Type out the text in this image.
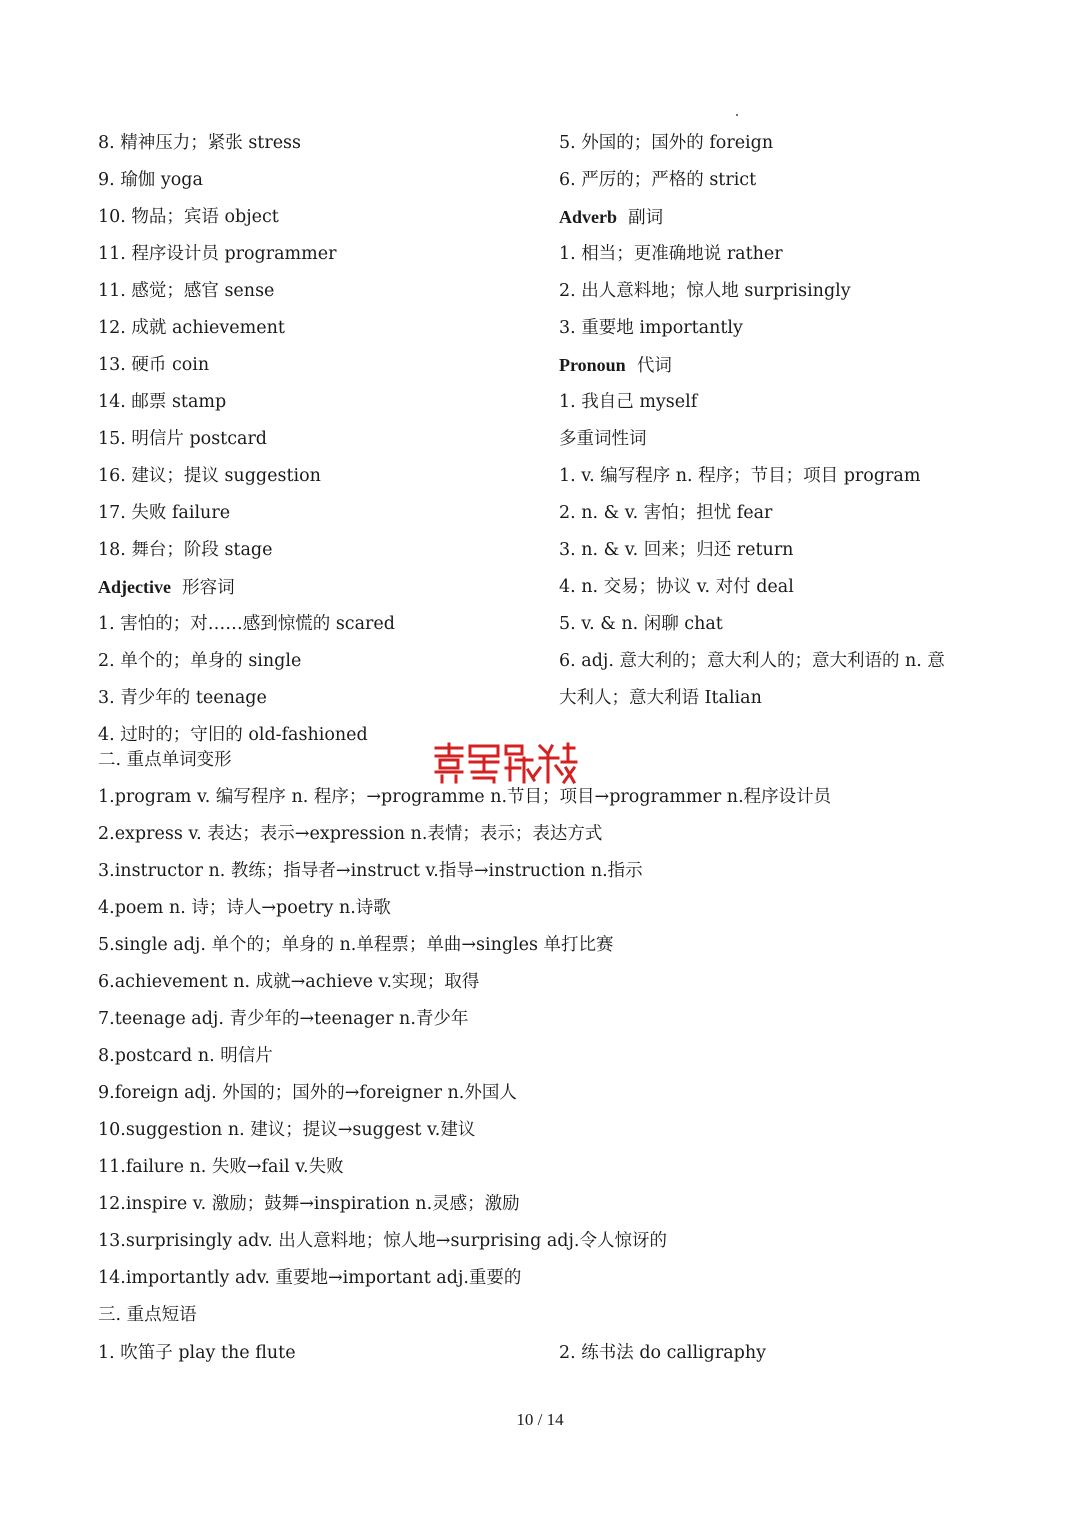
8. 精神压力；紧张 stress
9. 瑜伽 yoga
10. 物品；宾语 object
11. 程序设计员 programmer
11. 感觉；感官 sense
12. 成就 achievement
13. 硬币 coin
14. 邮票 stamp
15. 明信片 postcard
16. 建议；提议 suggestion
17. 失败 failure
18. 舞台；阶段 stage
Adjective 形容词
1. 害怕的；对……感到惊慌的 scared
2. 单个的；单身的 single
3. 青少年的 teenage
4. 过时的；守旧的 old-fashioned
5. 外国的；国外的 foreign
6. 严厉的；严格的 strict
Adverb 副词
1. 相当；更准确地说 rather
2. 出人意料地；惊人地 surprisingly
3. 重要地 importantly
Pronoun 代词
1. 我自己 myself
多重词性词
1. v. 编写程序 n. 程序；节目；项目 program
2. n. & v. 害怕；担忧 fear
3. n. & v. 回来；归还 return
4. n. 交易；协议 v. 对付 deal
5. v. & n. 闲聊 chat
6. adj. 意大利的；意大利人的；意大利语的 n. 意
大利人；意大利语 Italian
二. 重点单词变形
1.program v. 编写程序 n. 程序；→programme n.节目；项目→programmer n.程序设计员
2.express v. 表达；表示→expression n.表情；表示；表达方式
3.instructor n. 教练；指导者→instruct v.指导→instruction n.指示
4.poem n. 诗；诗人→poetry n.诗歌
5.single adj. 单个的；单身的 n.单程票；单曲→singles 单打比赛
6.achievement n. 成就→achieve v.实现；取得
7.teenage adj. 青少年的→teenager n.青少年
8.postcard n. 明信片
9.foreign adj. 外国的；国外的→foreigner n.外国人
10.suggestion n. 建议；提议→suggest v.建议
11.failure n. 失败→fail v.失败
12.inspire v. 激励；鼓舞→inspiration n.灵感；激励
13.surprisingly adv. 出人意料地；惊人地→surprising adj.令人惊讶的
14.importantly adv. 重要地→important adj.重要的
三. 重点短语
1. 吹笛子 play the flute	2. 练书法 do calligraphy
10 / 14
